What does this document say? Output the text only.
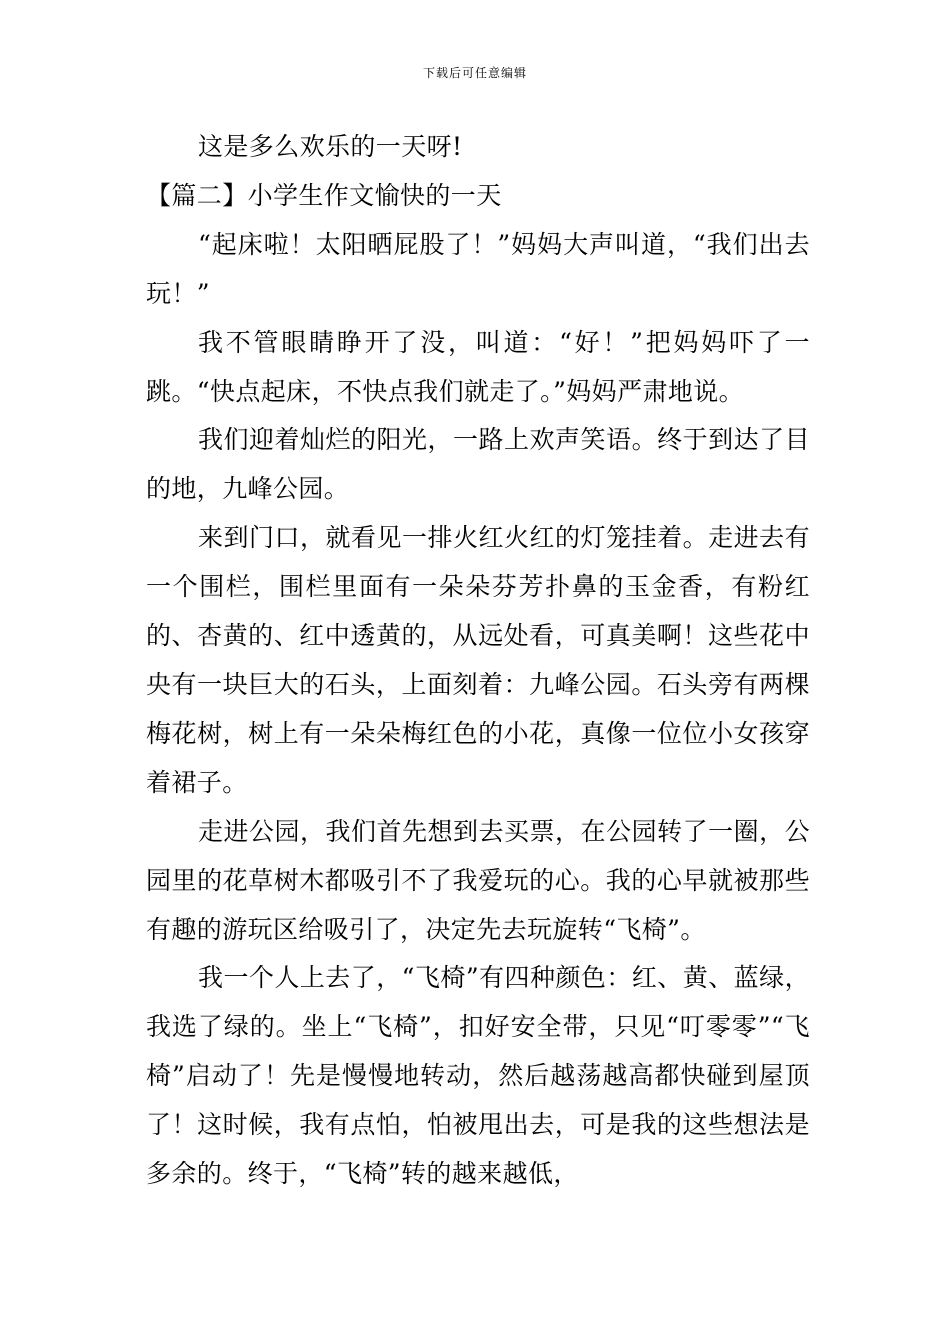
下载后可任意编辑

这是多么欢乐的一天呀!

【篇二】小学生作文愉快的一天

“起床啦！太阳晒屁股了！”妈妈大声叫道，“我们出去玩！”

我不管眼睛睁开了没，叫道：“好！”把妈妈吓了一跳。“快点起床，不快点我们就走了。”妈妈严肃地说。

我们迎着灿烂的阳光，一路上欢声笑语。终于到达了目的地，九峰公园。

来到门口，就看见一排火红火红的灯笼挂着。走进去有一个围栏，围栏里面有一朵朵芬芳扑鼻的玉金香，有粉红的、杏黄的、红中透黄的，从远处看，可真美啊！这些花中央有一块巨大的石头，上面刻着：九峰公园。石头旁有两棵梅花树，树上有一朵朵梅红色的小花，真像一位位小女孩穿着裙子。

走进公园，我们首先想到去买票，在公园转了一圈，公园里的花草树木都吸引不了我爱玩的心。我的心早就被那些有趣的游玩区给吸引了，决定先去玩旋转“飞椅”。

我一个人上去了，“飞椅”有四种颜色：红、黄、蓝绿，我选了绿的。坐上“飞椅”，扣好安全带，只见“叮零零”“飞椅”启动了！先是慢慢地转动，然后越荡越高都快碰到屋顶了！这时候，我有点怕，怕被甩出去，可是我的这些想法是多余的。终于，“飞椅”转的越来越低，
